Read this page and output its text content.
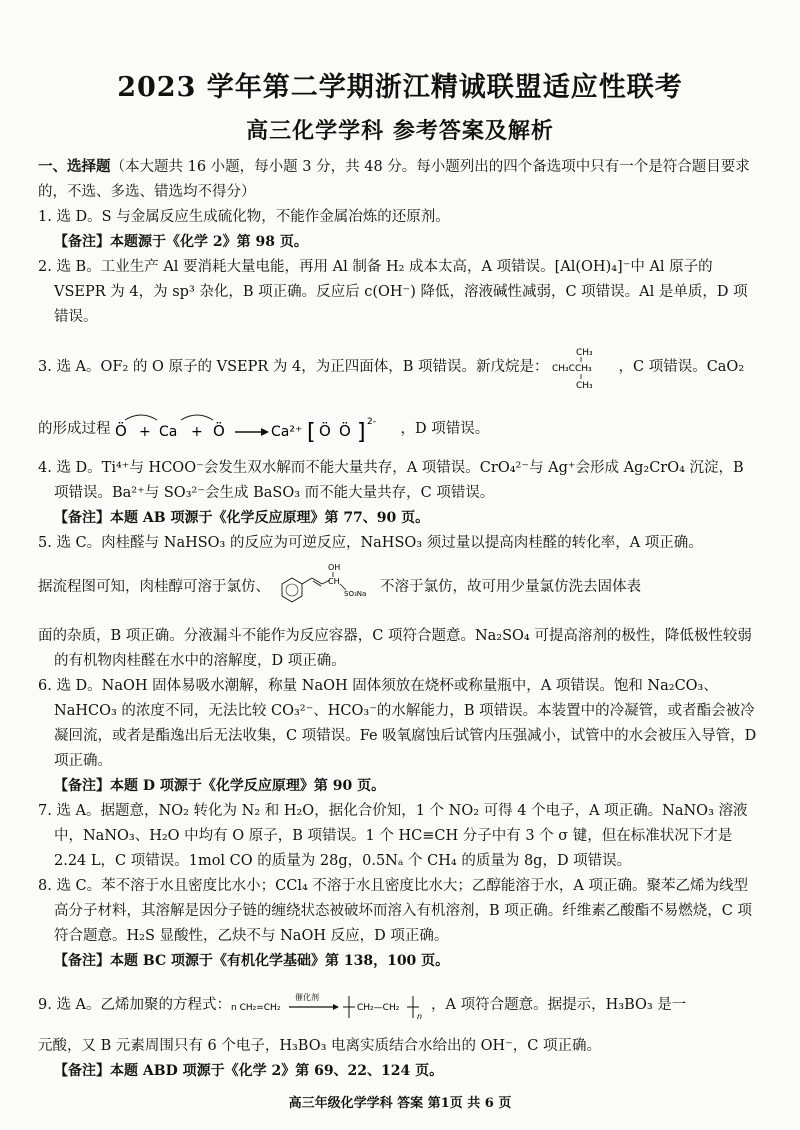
2023 学年第二学期浙江精诚联盟适应性联考
高三化学学科 参考答案及解析
一、选择题（本大题共 16 小题，每小题 3 分，共 48 分。每小题列出的四个备选项中只有一个是符合题目要求的，不选、多选、错选均不得分）

1. 选 D。S 与金属反应生成硫化物，不能作金属冶炼的还原剂。

【备注】本题源于《化学 2》第 98 页。

2. 选 B。工业生产 Al 要消耗大量电能，再用 Al 制备 H₂ 成本太高，A 项错误。[Al(OH)₄]⁻中 Al 原子的 VSEPR 为 4，为 sp³ 杂化，B 项正确。反应后 c(OH⁻) 降低，溶液碱性减弱，C 项错误。Al 是单质，D 项错误。

3. 选 A。OF₂ 的 O 原子的 VSEPR 为 4，为正四面体，B 项错误。新戊烷是：
CH₃
CH₃CCH₃
CH₃
，C 项错误。CaO₂
的形成过程 Ö + Ca + Ö	Ca²⁺ [ Ö Ö ] 2- ，D 项错误。

4. 选 D。Ti⁴⁺与 HCOO⁻会发生双水解而不能大量共存，A 项错误。CrO₄²⁻与 Ag⁺会形成 Ag₂CrO₄ 沉淀，B 项错误。Ba²⁺与 SO₃²⁻会生成 BaSO₃ 而不能大量共存，C 项错误。

【备注】本题 AB 项源于《化学反应原理》第 77、90 页。

5. 选 C。肉桂醛与 NaHSO₃ 的反应为可逆反应，NaHSO₃ 须过量以提高肉桂醛的转化率，A 项正确。

据流程图可知，肉桂醇可溶于氯仿、
OH
CH
SO₃Na 不溶于氯仿，故可用少量氯仿洗去固体表

面的杂质，B 项正确。分液漏斗不能作为反应容器，C 项符合题意。Na₂SO₄ 可提高溶剂的极性，降低极性较弱的有机物肉桂醛在水中的溶解度，D 项正确。

6. 选 D。NaOH 固体易吸水潮解，称量 NaOH 固体须放在烧杯或称量瓶中，A 项错误。饱和 Na₂CO₃、NaHCO₃ 的浓度不同，无法比较 CO₃²⁻、HCO₃⁻的水解能力，B 项错误。本装置中的冷凝管，或者酯会被冷凝回流，或者是酯逸出后无法收集，C 项错误。Fe 吸氧腐蚀后试管内压强减小，试管中的水会被压入导管，D 项正确。

【备注】本题 D 项源于《化学反应原理》第 90 页。

7. 选 A。据题意，NO₂ 转化为 N₂ 和 H₂O，据化合价知，1 个 NO₂ 可得 4 个电子，A 项正确。NaNO₃ 溶液中，NaNO₃、H₂O 中均有 O 原子，B 项错误。1 个 HC≡CH 分子中有 3 个 σ 键，但在标准状况下才是 2.24 L，C 项错误。1mol CO 的质量为 28g，0.5Nₐ 个 CH₄ 的质量为 8g，D 项错误。

8. 选 C。苯不溶于水且密度比水小；CCl₄ 不溶于水且密度比水大；乙醇能溶于水，A 项正确。聚苯乙烯为线型高分子材料，其溶解是因分子链的缠绕状态被破坏而溶入有机溶剂，B 项正确。纤维素乙酸酯不易燃烧，C 项符合题意。H₂S 显酸性，乙炔不与 NaOH 反应，D 项正确。

【备注】本题 BC 项源于《有机化学基础》第 138，100 页。

9. 选 A。乙烯加聚的方程式： n CH₂=CH₂
催化剂
CH₂—CH₂
n
，A 项符合题意。据提示，H₃BO₃ 是一

元酸，又 B 元素周围只有 6 个电子，H₃BO₃ 电离实质结合水给出的 OH⁻，C 项正确。

【备注】本题 ABD 项源于《化学 2》第 69、22、124 页。

高三年级化学学科 答案 第1页 共 6 页
